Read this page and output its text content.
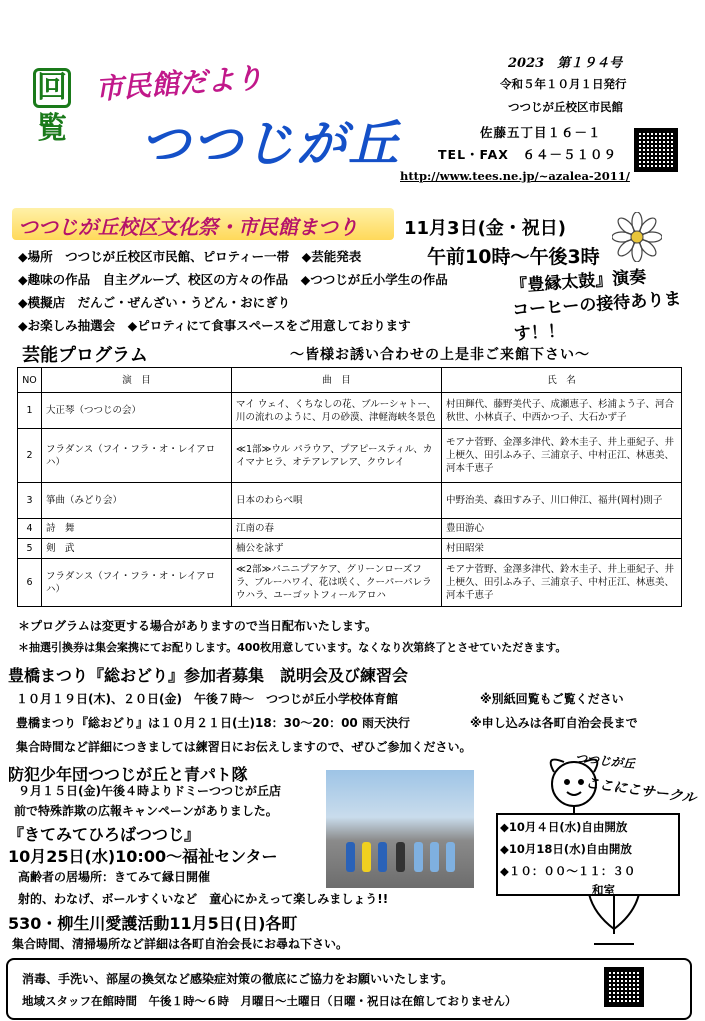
回
覧
市民館だより
つつじが丘
2023　第１９４号
令和５年１０月１日発行
つつじが丘校区市民館
佐藤五丁目１６－１
TEL・FAX　６４－５１０９
http://www.tees.ne.jp/~azalea-2011/
つつじが丘校区文化祭・市民館まつり	11月3日(金・祝日)
午前10時〜午後3時
◆場所　つつじが丘校区市民館、ピロティー一帯　◆芸能発表
◆趣味の作品　自主グループ、校区の方々の作品　◆つつじが丘小学生の作品
◆模擬店　だんご・ぜんざい・うどん・おにぎり
◆お楽しみ抽選会　◆ピロティにて食事スペースをご用意しております
『豊縁太鼓』演奏
コーヒーの接待あります！！
芸能プログラム	〜皆様お誘い合わせの上是非ご来館下さい〜
NO	演　目	曲　目	氏　名
1	大正琴（つつじの会）	マイ ウェイ、くちなしの花、ブルーシャトー、川の流れのように、月の砂漠、津軽海峡冬景色	村田輝代、藤野美代子、成瀬恵子、杉浦よう子、河合秋世、小林貞子、中西かつ子、大石かず子
2	フラダンス（フイ・フラ・オ・レイアロハ）	≪1部≫ウル パラウア、プアピースティル、カイマナヒラ、オテアレアレア、クウレイ	モアナ菅野、金澤多津代、鈴木圭子、井上亜紀子、井上梗久、田引ふみ子、三浦京子、中村正江、林恵美、河本千恵子
3	箏曲（みどり会）	日本のわらべ唄	中野治美、森田すみ子、川口伸江、福井(岡村)則子
4	詩　舞	江南の春	豊田游心
5	剣　武	楠公を詠ず	村田昭栄
6	フラダンス（フイ・フラ・オ・レイアロハ）	≪2部≫パニニプアケア、グリーンローズフラ、ブルーハワイ、花は咲く、クーパーパレラウハラ、ユーゴットフィールアロハ	モアナ菅野、金澤多津代、鈴木圭子、井上亜紀子、井上梗久、田引ふみ子、三浦京子、中村正江、林恵美、河本千恵子
＊プログラムは変更する場合がありますので当日配布いたします。
＊抽選引換券は集会案携にてお配りします。400枚用意しています。なくなり次第終了とさせていただきます。
豊橋まつり『総おどり』参加者募集　説明会及び練習会
１０月１９日(木)、２０日(金)　午後７時〜　つつじが丘小学校体育館	※別紙回覧もご覧ください
豊橋まつり『総おどり』は１０月２１日(土)18：30〜20：00 雨天決行	※申し込みは各町自治会長まで
集合時間など詳細につきましては練習日にお伝えしますので、ぜひご参加ください。
防犯少年団つつじが丘と青パト隊
９月１５日(金)午後４時よりドミーつつじが丘店
前で特殊詐欺の広報キャンペーンがありました。
『きてみてひろばつつじ』
10月25日(水)10:00〜福祉センター
高齢者の居場所：きてみて縁日開催
射的、わなげ、ボールすくいなど　童心にかえって楽しみましょう!!
530・柳生川愛護活動11月5日(日)各町
集合時間、清掃場所など詳細は各町自治会長にお尋ね下さい。
つつじが丘
ここにこサークル
◆10月４日(水)自由開放
◆10月18日(水)自由開放
◆１０：００〜１１：３０
和室
消毒、手洗い、部屋の換気など感染症対策の徹底にご協力をお願いいたします。
地域スタッフ在館時間　午後１時〜６時　月曜日〜土曜日（日曜・祝日は在館しておりません）
